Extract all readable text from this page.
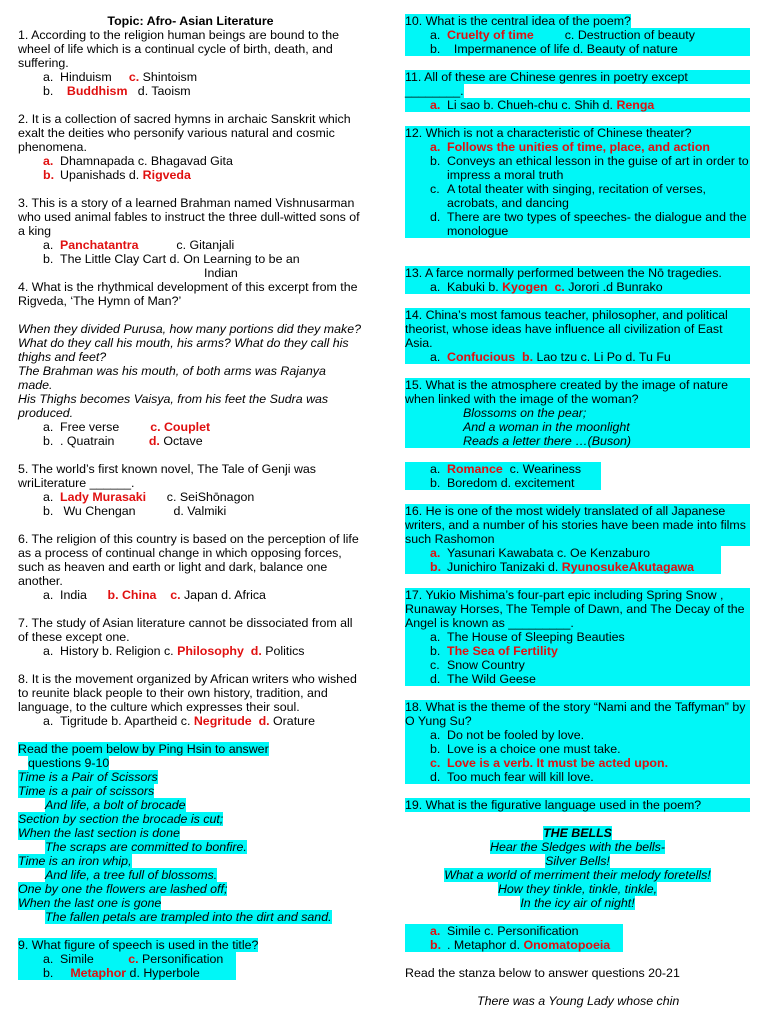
Topic: Afro- Asian Literature
1. According to the religion human beings are bound to the wheel of life which is a continual cycle of birth, death, and suffering.
a. Hinduism c. Shintoism
b.	Buddhism d. Taoism
2. It is a collection of sacred hymns in archaic Sanskrit which exalt the deities who personify various natural and cosmic phenomena.
a. Dhamnapada c. Bhagavad Gita
b. Upanishads d. Rigveda
3. This is a story of a learned Brahman named Vishnusarman who used animal fables to instruct the three dull-witted sons of a king
a. Panchatantra	c. Gitanjali
b. The Little Clay Cart d. On Learning to be an
Indian
4. What is the rhythmical development of this excerpt from the Rigveda, ‘The Hymn of Man?’
When they divided Purusa, how many portions did they make? What do they call his mouth, his arms? What do they call his thighs and feet?
The Brahman was his mouth, of both arms was Rajanya made.
His Thighs becomes Vaisya, from his feet the Sudra was produced.
a. Free verse c. Couplet
b. . Quatrain	d. Octave
5. The world’s first known novel, The Tale of Genji was wriLiterature ______.
a. Lady Murasaki c. SeiShōnagon
b. Wu Chengan	d. Valmiki
6. The religion of this country is based on the perception of life as a process of continual change in which opposing forces, such as heaven and earth or light and dark, balance one another.
a. India b. China c. Japan d. Africa
7. The study of Asian literature cannot be dissociated from all of these except one.
a. History b. Religion c. Philosophy d. Politics
8. It is the movement organized by African writers who wished to reunite black people to their own history, tradition, and language, to the culture which expresses their soul.
a. Tigritude b. Apartheid c. Negritude d. Orature
Read the poem below by Ping Hsin to answer
questions 9-10
Time is a Pair of Scissors
Time is a pair of scissors
And life, a bolt of brocade
Section by section the brocade is cut;
When the last section is done
The scraps are committed to bonfire.
Time is an iron whip,
And life, a tree full of blossoms.
One by one the flowers are lashed off;
When the last one is gone
The fallen petals are trampled into the dirt and sand.
9. What figure of speech is used in the title?
a. Simile	c. Personification
b.	Metaphor d. Hyperbole
10. What is the central idea of the poem?
a. Cruelty of time c. Destruction of beauty
b.	Impermanence of life d. Beauty of nature
11. All of these are Chinese genres in poetry except
________.
a. Li sao b. Chueh-chu c. Shih d. Renga
12. Which is not a characteristic of Chinese theater?
a. Follows the unities of time, place, and action
b. Conveys an ethical lesson in the guise of art in order to impress a moral truth
c. A total theater with singing, recitation of verses, acrobats, and dancing
d. There are two types of speeches- the dialogue and the monologue
13. A farce normally performed between the Nō tragedies.
a. Kabuki b. Kyogen c. Jorori .d Bunrako
14. China’s most famous teacher, philosopher, and political theorist, whose ideas have influence all civilization of East Asia.
a. Confucious b. Lao tzu c. Li Po d. Tu Fu
15. What is the atmosphere created by the image of nature when linked with the image of the woman?
Blossoms on the pear;
And a woman in the moonlight
Reads a letter there …(Buson)
a. Romance c. Weariness
b. Boredom d. excitement
16. He is one of the most widely translated of all Japanese writers, and a number of his stories have been made into films such Rashomon
a. Yasunari Kawabata c. Oe Kenzaburo
b. Junichiro Tanizaki d. RyunosukeAkutagawa
17. Yukio Mishima’s four-part epic including Spring Snow , Runaway Horses, The Temple of Dawn, and The Decay of the Angel is known as _________.
a. The House of Sleeping Beauties
b. The Sea of Fertility
c. Snow Country
d. The Wild Geese
18. What is the theme of the story “Nami and the Taffyman” by O Yung Su?
a. Do not be fooled by love.
b. Love is a choice one must take.
c. Love is a verb. It must be acted upon.
d. Too much fear will kill love.
19. What is the figurative language used in the poem?
THE BELLS
Hear the Sledges with the bells-
Silver Bells!
What a world of merriment their melody foretells!
How they tinkle, tinkle, tinkle,
In the icy air of night!
a. Simile c. Personification
b. . Metaphor d. Onomatopoeia
Read the stanza below to answer questions 20-21
There was a Young Lady whose chin
